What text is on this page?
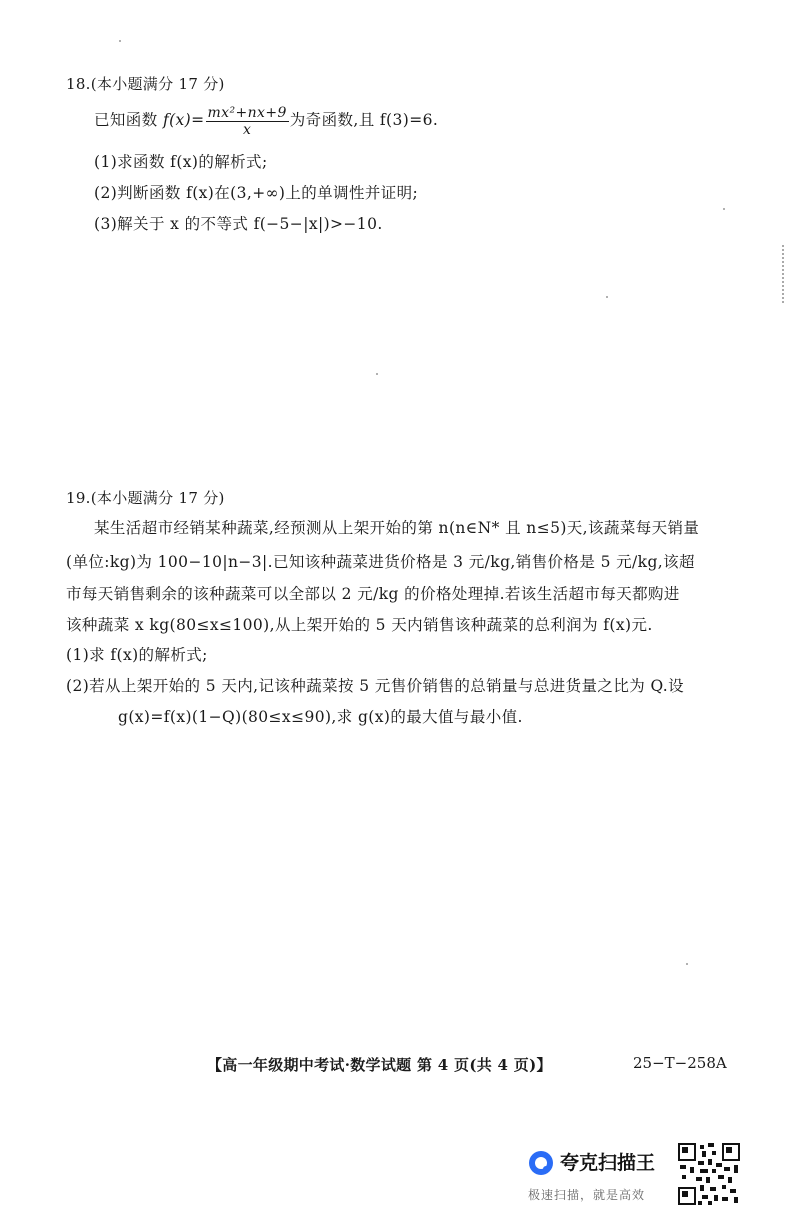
18.(本小题满分 17 分)
已知函数 $f(x)= \frac{\text{mx²+nx+9}}{x}$ 为奇函数,且 f(3)=6.
(1)求函数 f(x)的解析式;
(2)判断函数 f(x)在(3,+∞)上的单调性并证明;
(3)解关于 x 的不等式 f(−5−|x|)>−10.
19.(本小题满分 17 分)
某生活超市经销某种蔬菜,经预测从上架开始的第 n(n∈N* 且 n≤5)天,该蔬菜每天销量
(单位:kg)为 100−10|n−3|.已知该种蔬菜进货价格是 3 元/kg,销售价格是 5 元/kg,该超
市每天销售剩余的该种蔬菜可以全部以 2 元/kg 的价格处理掉.若该生活超市每天都购进
该种蔬菜 x kg(80≤x≤100),从上架开始的 5 天内销售该种蔬菜的总利润为 f(x)元.
(1)求 f(x)的解析式;
(2)若从上架开始的 5 天内,记该种蔬菜按 5 元售价销售的总销量与总进货量之比为 Q.设
g(x)=f(x)(1−Q)(80≤x≤90),求 g(x)的最大值与最小值.
【高一年级期中考试·数学试题 第 4 页(共 4 页)】	25−T−258A
夸克扫描王
极速扫描，就是高效
